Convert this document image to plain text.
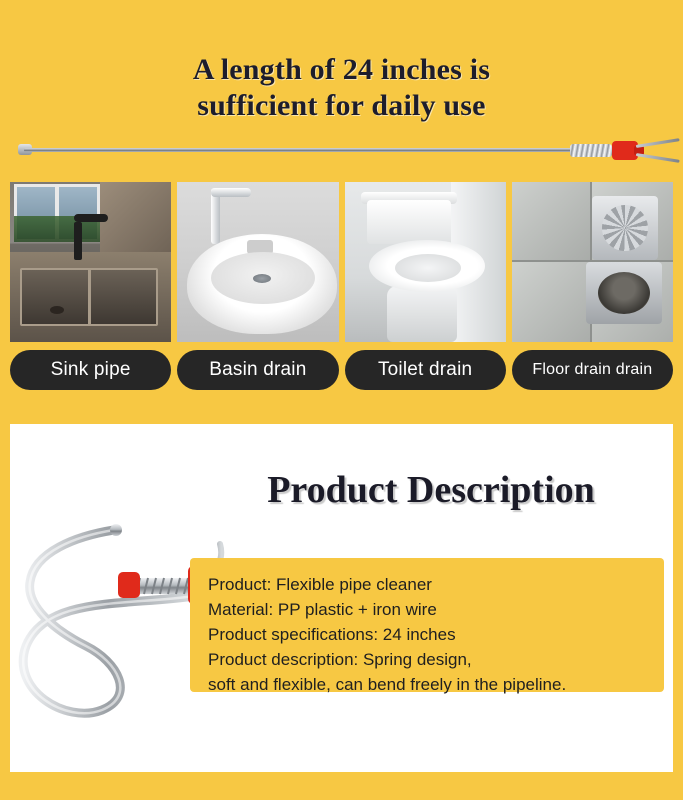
A length of 24 inches is
sufficient for daily use
Sink pipe	Basin drain	Toilet drain	Floor drain drain
Product Description
Product: Flexible pipe cleaner
Material: PP plastic + iron wire
Product specifications: 24 inches
Product description: Spring design,
soft and flexible, can bend freely in the pipeline.
